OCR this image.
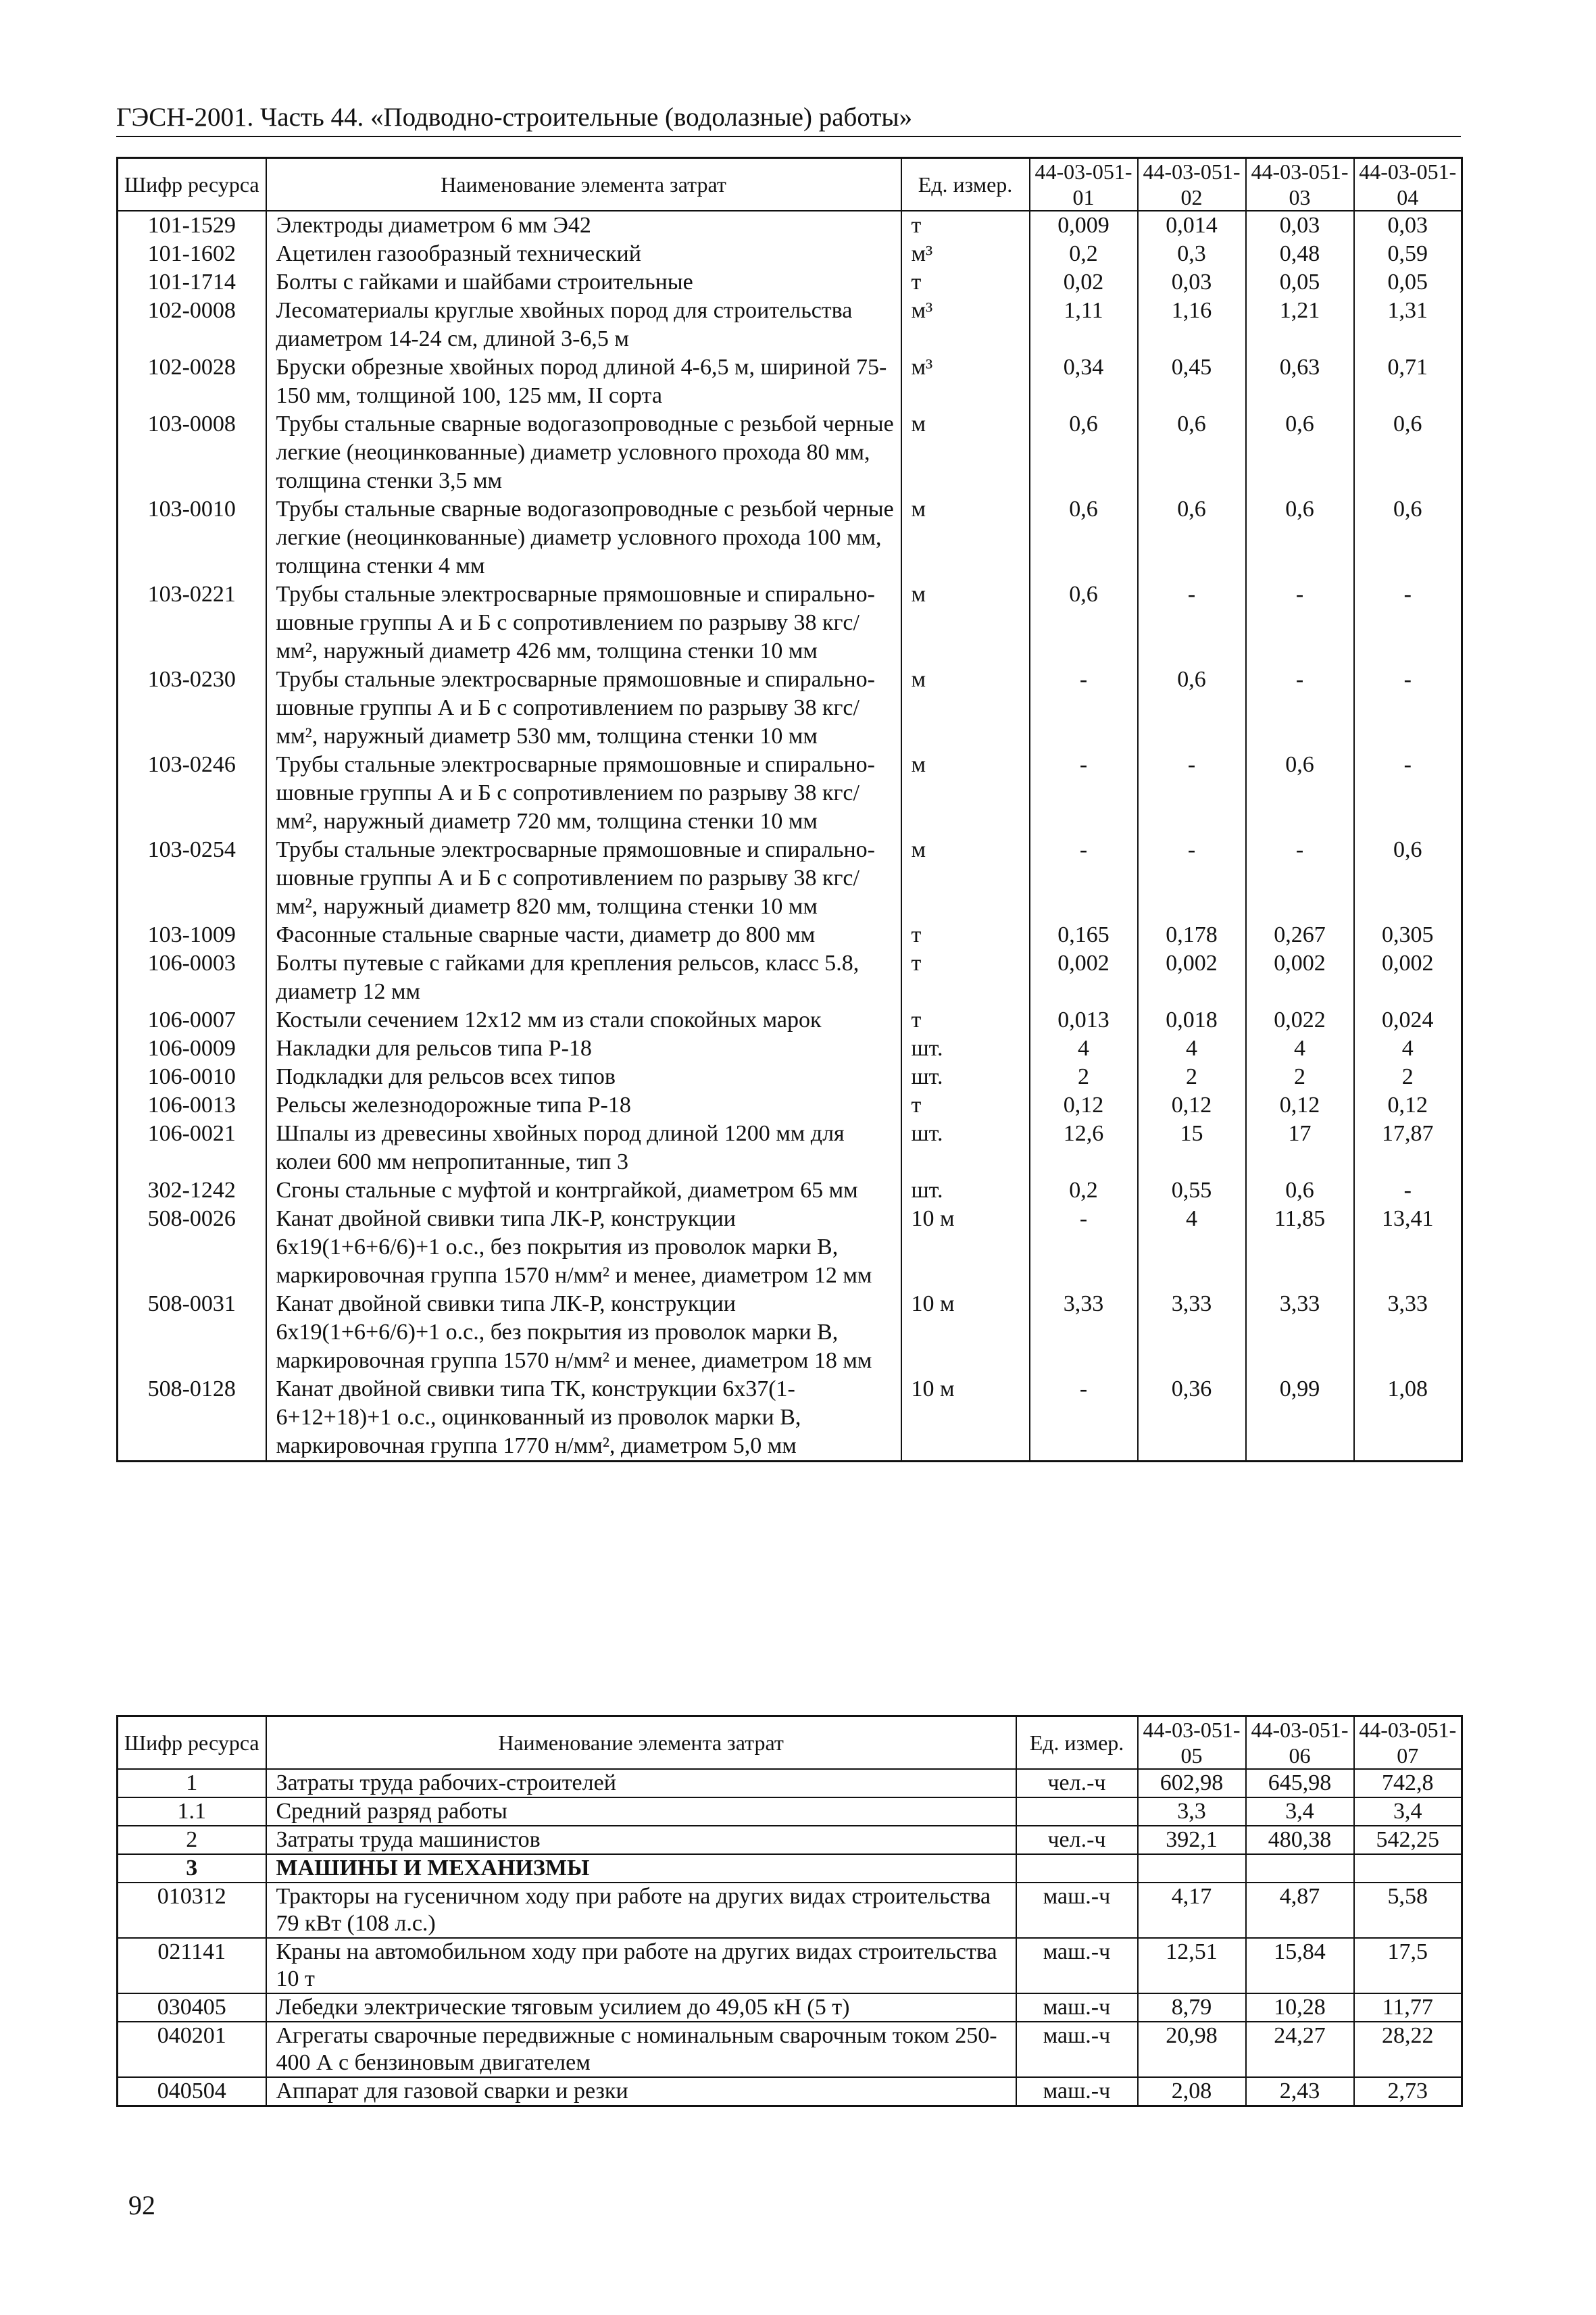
ГЭСН-2001. Часть 44. «Подводно-строительные (водолазные) работы»
Шифр ресурса	Наименование элемента затрат	Ед. измер.	44-03-051-01	44-03-051-02	44-03-051-03	44-03-051-04
101-1529	Электроды диаметром 6 мм Э42	т	0,009	0,014	0,03	0,03
101-1602	Ацетилен газообразный технический	м³	0,2	0,3	0,48	0,59
101-1714	Болты с гайками и шайбами строительные	т	0,02	0,03	0,05	0,05
102-0008	Лесоматериалы круглые хвойных пород для строительства диаметром 14-24 см, длиной 3-6,5 м	м³	1,11	1,16	1,21	1,31
102-0028	Бруски обрезные хвойных пород длиной 4-6,5 м, шириной 75-150 мм, толщиной 100, 125 мм, II сорта	м³	0,34	0,45	0,63	0,71
103-0008	Трубы стальные сварные водогазопроводные с резьбой черные легкие (неоцинкованные) диаметр условного прохода 80 мм, толщина стенки 3,5 мм	м	0,6	0,6	0,6	0,6
103-0010	Трубы стальные сварные водогазопроводные с резьбой черные легкие (неоцинкованные) диаметр условного прохода 100 мм, толщина стенки 4 мм	м	0,6	0,6	0,6	0,6
103-0221	Трубы стальные электросварные прямошовные и спирально-шовные группы А и Б с сопротивлением по разрыву 38 кгс/мм², наружный диаметр 426 мм, толщина стенки 10 мм	м	0,6	-	-	-
103-0230	Трубы стальные электросварные прямошовные и спирально-шовные группы А и Б с сопротивлением по разрыву 38 кгс/мм², наружный диаметр 530 мм, толщина стенки 10 мм	м	-	0,6	-	-
103-0246	Трубы стальные электросварные прямошовные и спирально-шовные группы А и Б с сопротивлением по разрыву 38 кгс/мм², наружный диаметр 720 мм, толщина стенки 10 мм	м	-	-	0,6	-
103-0254	Трубы стальные электросварные прямошовные и спирально-шовные группы А и Б с сопротивлением по разрыву 38 кгс/мм², наружный диаметр 820 мм, толщина стенки 10 мм	м	-	-	-	0,6
103-1009	Фасонные стальные сварные части, диаметр до 800 мм	т	0,165	0,178	0,267	0,305
106-0003	Болты путевые с гайками для крепления рельсов, класс 5.8, диаметр 12 мм	т	0,002	0,002	0,002	0,002
106-0007	Костыли сечением 12х12 мм из стали спокойных марок	т	0,013	0,018	0,022	0,024
106-0009	Накладки для рельсов типа Р-18	шт.	4	4	4	4
106-0010	Подкладки для рельсов всех типов	шт.	2	2	2	2
106-0013	Рельсы железнодорожные типа Р-18	т	0,12	0,12	0,12	0,12
106-0021	Шпалы из древесины хвойных пород длиной 1200 мм для колеи 600 мм непропитанные, тип 3	шт.	12,6	15	17	17,87
302-1242	Сгоны стальные с муфтой и контргайкой, диаметром 65 мм	шт.	0,2	0,55	0,6	-
508-0026	Канат двойной свивки типа ЛК-Р, конструкции 6х19(1+6+6/6)+1 о.с., без покрытия из проволок марки В, маркировочная группа 1570 н/мм² и менее, диаметром 12 мм	10 м	-	4	11,85	13,41
508-0031	Канат двойной свивки типа ЛК-Р, конструкции 6х19(1+6+6/6)+1 о.с., без покрытия из проволок марки В, маркировочная группа 1570 н/мм² и менее, диаметром 18 мм	10 м	3,33	3,33	3,33	3,33
508-0128	Канат двойной свивки типа ТК, конструкции 6х37(1-6+12+18)+1 о.с., оцинкованный из проволок марки В, маркировочная группа 1770 н/мм², диаметром 5,0 мм	10 м	-	0,36	0,99	1,08
Шифр ресурса	Наименование элемента затрат	Ед. измер.	44-03-051-05	44-03-051-06	44-03-051-07
1	Затраты труда рабочих-строителей	чел.-ч	602,98	645,98	742,8
1.1	Средний разряд работы		3,3	3,4	3,4
2	Затраты труда машинистов	чел.-ч	392,1	480,38	542,25
3	МАШИНЫ И МЕХАНИЗМЫ				
010312	Тракторы на гусеничном ходу при работе на других видах строительства 79 кВт (108 л.с.)	маш.-ч	4,17	4,87	5,58
021141	Краны на автомобильном ходу при работе на других видах строительства 10 т	маш.-ч	12,51	15,84	17,5
030405	Лебедки электрические тяговым усилием до 49,05 кН (5 т)	маш.-ч	8,79	10,28	11,77
040201	Агрегаты сварочные передвижные с номинальным сварочным током 250-400 А с бензиновым двигателем	маш.-ч	20,98	24,27	28,22
040504	Аппарат для газовой сварки и резки	маш.-ч	2,08	2,43	2,73
92
